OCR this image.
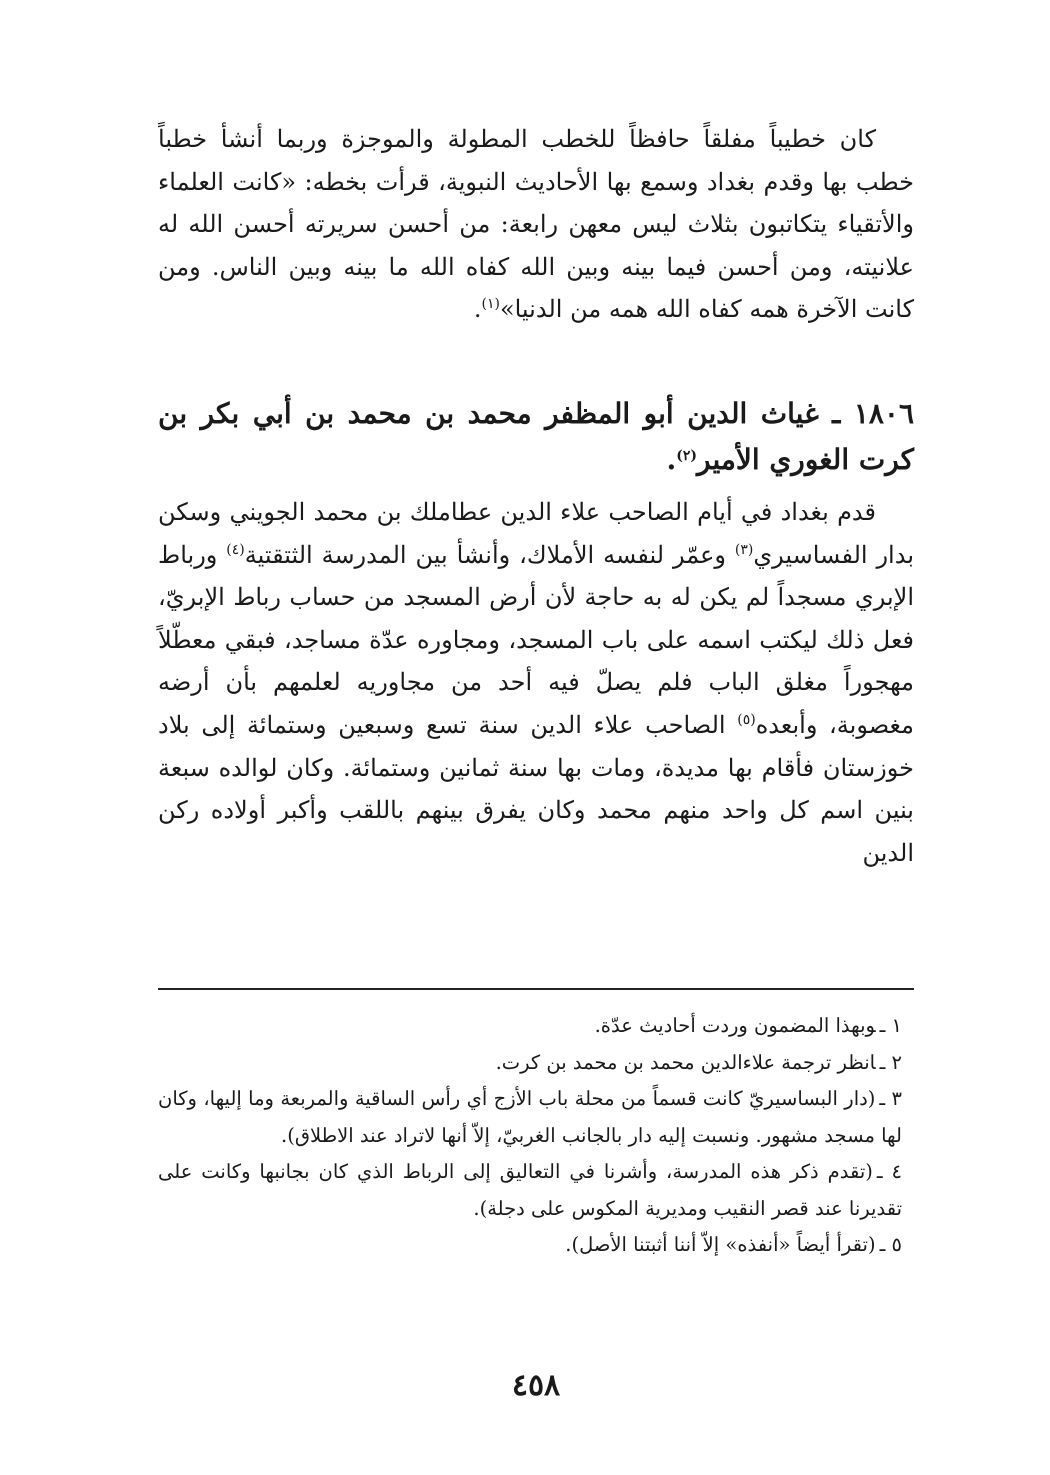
كان خطيباً مفلقاً حافظاً للخطب المطولة والموجزة وربما أنشأ خطباً خطب بها وقدم بغداد وسمع بها الأحاديث النبوية، قرأت بخطه: «كانت العلماء والأتقياء يتكاتبون بثلاث ليس معهن رابعة: من أحسن سريرته أحسن الله له علانيته، ومن أحسن فيما بينه وبين الله كفاه الله ما بينه وبين الناس. ومن كانت الآخرة همه كفاه الله همه من الدنيا»$^{(١)}$.

١٨٠٦ ـ غياث الدين أبو المظفر محمد بن محمد بن أبي بكر بن كرت الغوري الأمير$^{(٢)}$.

قدم بغداد في أيام الصاحب علاء الدين عطاملك بن محمد الجويني وسكن بدار الفساسيري$^{(٣)}$ وعمّر لنفسه الأملاك، وأنشأ بين المدرسة الثتقتية$^{(٤)}$ ورباط الإبري مسجداً لم يكن له به حاجة لأن أرض المسجد من حساب رباط الإبريّ، فعل ذلك ليكتب اسمه على باب المسجد، ومجاوره عدّة مساجد، فبقي معطّلاً مهجوراً مغلق الباب فلم يصلّ فيه أحد من مجاوريه لعلمهم بأن أرضه مغصوبة، وأبعده$^{(٥)}$ الصاحب علاء الدين سنة تسع وسبعين وستمائة إلى بلاد خوزستان فأقام بها مديدة، ومات بها سنة ثمانين وستمائة. وكان لوالده سبعة بنين اسم كل واحد منهم محمد وكان يفرق بينهم باللقب وأكبر أولاده ركن الدين

١ ـوبهذا المضمون وردت أحاديث عدّة.

٢ ـانظر ترجمة علاءالدين محمد بن محمد بن كرت.

٣ ـ(دار البساسيريّ كانت قسماً من محلة باب الأزج أي رأس الساقية والمربعة وما إليها، وكان لها مسجد مشهور. ونسبت إليه دار بالجانب الغربيّ، إلاّ أنها لاتراد عند الاطلاق).

٤ ـ(تقدم ذكر هذه المدرسة، وأشرنا في التعاليق إلى الرباط الذي كان بجانبها وكانت على تقديرنا عند قصر النقيب ومديرية المكوس على دجلة).

٥ ـ(تقرأ أيضاً «أنفذه» إلاّ أننا أثبتنا الأصل).

٤٥٨
